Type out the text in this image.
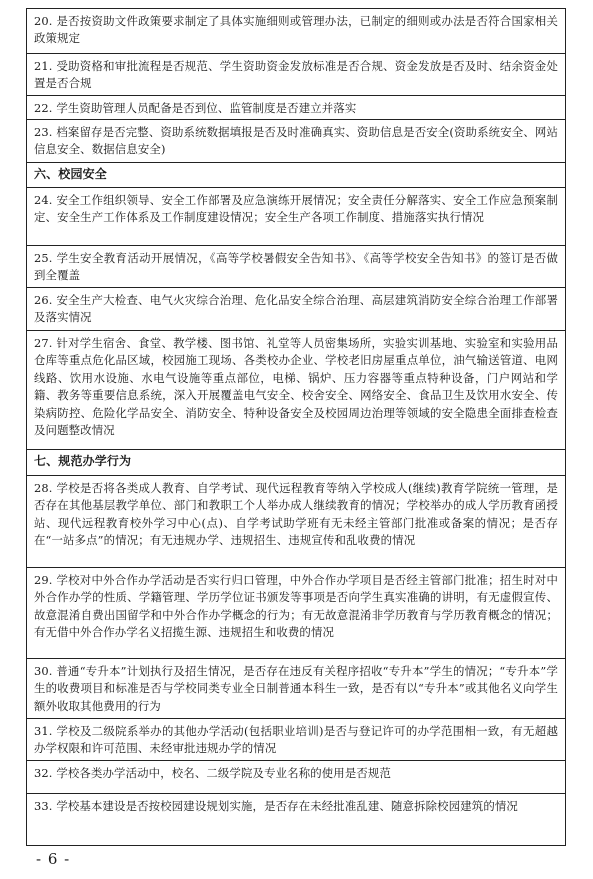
20. 是否按资助文件政策要求制定了具体实施细则或管理办法，已制定的细则或办法是否符合国家相关政策规定
21. 受助资格和审批流程是否规范、学生资助资金发放标准是否合规、资金发放是否及时、结余资金处置是否合规
22. 学生资助管理人员配备是否到位、监管制度是否建立并落实
23. 档案留存是否完整、资助系统数据填报是否及时准确真实、资助信息是否安全(资助系统安全、网站信息安全、数据信息安全)
六、校园安全
24. 安全工作组织领导、安全工作部署及应急演练开展情况；安全责任分解落实、安全工作应急预案制定、安全生产工作体系及工作制度建设情况；安全生产各项工作制度、措施落实执行情况
25. 学生安全教育活动开展情况，《高等学校暑假安全告知书》、《高等学校安全告知书》的签订是否做到全覆盖
26. 安全生产大检查、电气火灾综合治理、危化品安全综合治理、高层建筑消防安全综合治理工作部署及落实情况
27. 针对学生宿舍、食堂、教学楼、图书馆、礼堂等人员密集场所，实验实训基地、实验室和实验用品仓库等重点危化品区域，校园施工现场、各类校办企业、学校老旧房屋重点单位，油气输送管道、电网线路、饮用水设施、水电气设施等重点部位，电梯、锅炉、压力容器等重点特种设备，门户网站和学籍、教务等重要信息系统，深入开展覆盖电气安全、校舍安全、网络安全、食品卫生及饮用水安全、传染病防控、危险化学品安全、消防安全、特种设备安全及校园周边治理等领域的安全隐患全面排查检查及问题整改情况
七、规范办学行为
28. 学校是否将各类成人教育、自学考试、现代远程教育等纳入学校成人(继续)教育学院统一管理，是否存在其他基层教学单位、部门和教职工个人举办成人继续教育的情况；学校举办的成人学历教育函授站、现代远程教育校外学习中心(点)、自学考试助学班有无未经主管部门批准或备案的情况；是否存在“一站多点”的情况；有无违规办学、违规招生、违规宣传和乱收费的情况
29. 学校对中外合作办学活动是否实行归口管理，中外合作办学项目是否经主管部门批准；招生时对中外合作办学的性质、学籍管理、学历学位证书颁发等事项是否向学生真实准确的讲明，有无虚假宣传、故意混淆自费出国留学和中外合作办学概念的行为；有无故意混淆非学历教育与学历教育概念的情况；有无借中外合作办学名义招揽生源、违规招生和收费的情况
30. 普通“专升本”计划执行及招生情况，是否存在违反有关程序招收“专升本”学生的情况；“专升本”学生的收费项目和标准是否与学校同类专业全日制普通本科生一致，是否有以“专升本”或其他名义向学生额外收取其他费用的行为
31. 学校及二级院系举办的其他办学活动(包括职业培训)是否与登记许可的办学范围相一致，有无超越办学权限和许可范围、未经审批违规办学的情况
32. 学校各类办学活动中，校名、二级学院及专业名称的使用是否规范
33. 学校基本建设是否按校园建设规划实施，是否存在未经批准乱建、随意拆除校园建筑的情况
- 6 -
